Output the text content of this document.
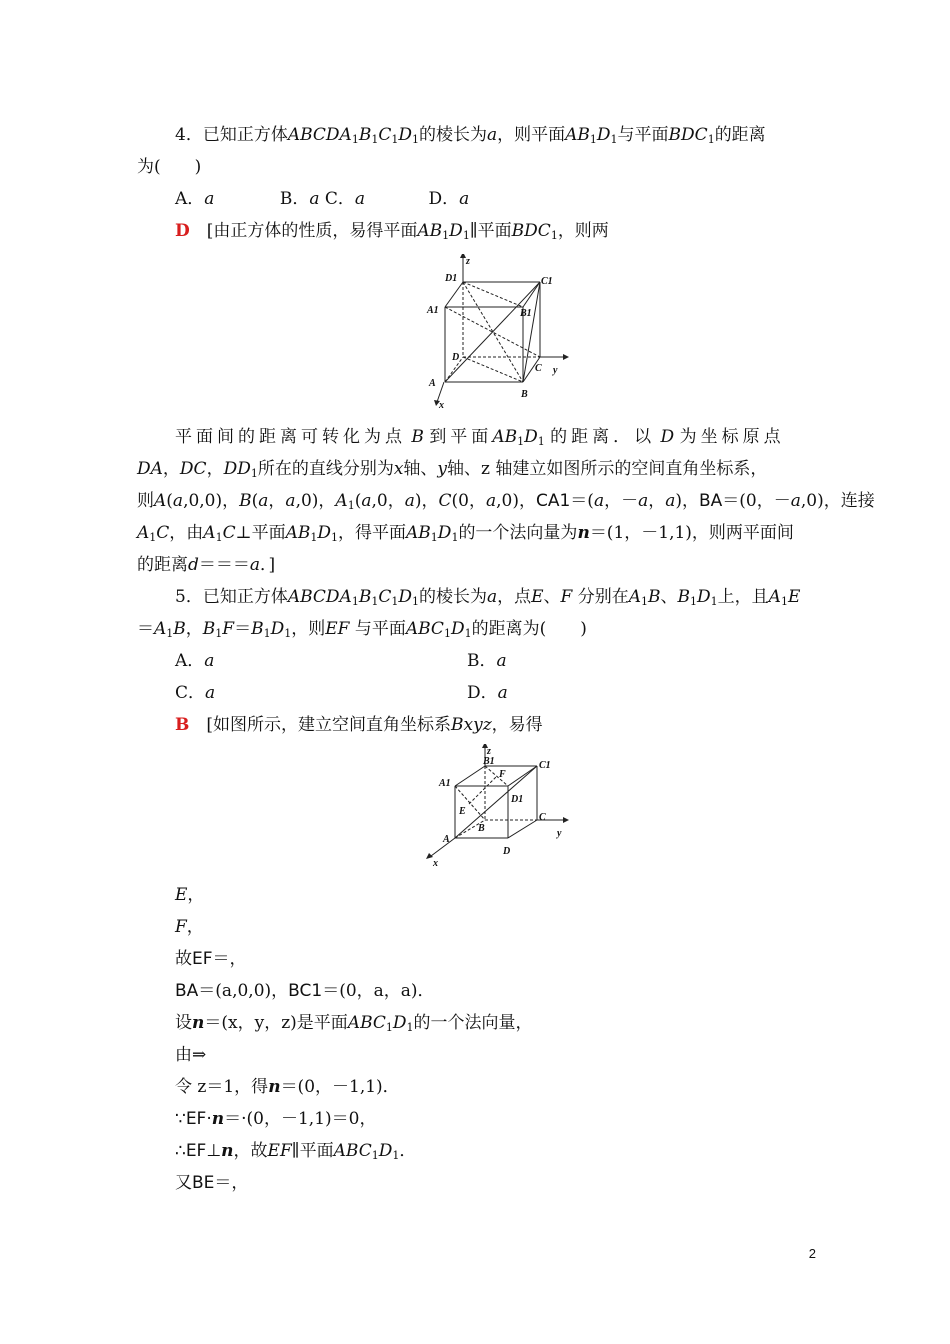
4．已知正方体$ABCDA_1B_1C_1D_1$的棱长为a，则平面$AB_1D_1$与平面$BDC_1$的距离
为(　　)
A．a	B．a C．a	D．a
D　 [由正方体的性质，易得平面$AB_1D_1\parallel$平面$BDC_1$，则两
z
D1	C1
A1	B1
D
C y
A
B
x
平面间的距离可转化为点 B 到平面$AB_1D_1$ 的距离．以 D 为坐标原点
DA，DC，$DD_1$所在的直线分别为x轴、y轴、z 轴建立如图所示的空间直角坐标系，
则A(a,0,0)，B(a，a,0)，$A_1(a,0$，a)，C(0，a,0)，CA1＝(a，－a，a)，BA＝(0，－a,0)，连接
$A_1C$，由$A_1C\perp$平面$AB_1D_1$，得平面$AB_1D_1$的一个法向量为n＝(1，－1,1)，则两平面间
的距离d＝＝＝a．]
5．已知正方体$ABCDA_1B_1C_1D_1$的棱长为a，点E、F 分别在$A_1B$、$B_1D_1$上，且$A_1E$
$=A_1B$，$B_1F=B_1D_1$，则EF 与平面$ABC_1D_1$的距离为(　　)
A．a	B．a
C．a	D．a
B　 [如图所示，建立空间直角坐标系Bxyz，易得
z
B1
F
C1
A1
D1
E
B
C
y
A
D
x
E，
F，
故EF＝，
BA＝(a,0,0)，BC1＝(0，a，a)．
设n＝(x，y，z)是平面$ABC_1D_1$的一个法向量，
由⇒
令 z＝1，得n＝(0，－1,1)．
∵EF·n＝·(0，－1,1)＝0，
∴EF⊥n，故EF∥平面$ABC_1D_1$．
又BE＝，
2
